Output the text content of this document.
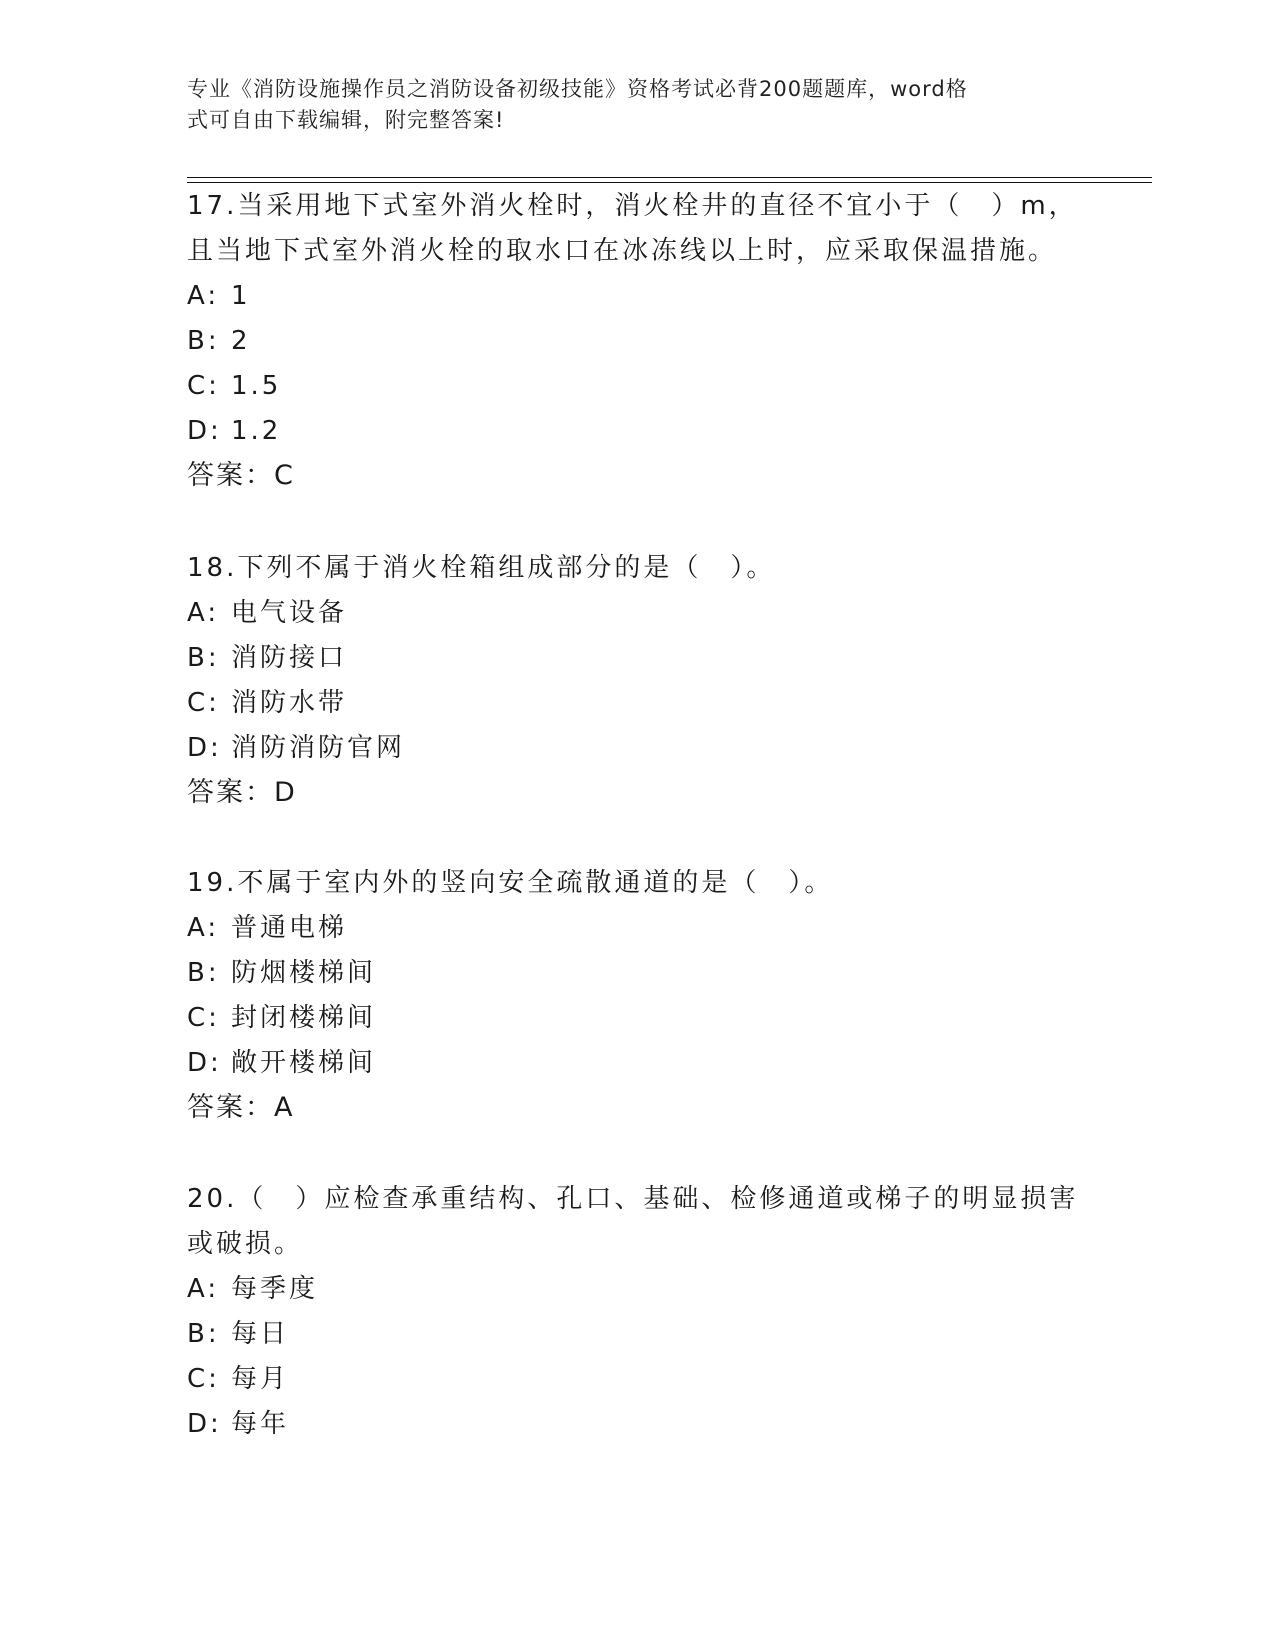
专业《消防设施操作员之消防设备初级技能》资格考试必背200题题库，word格
式可自由下载编辑，附完整答案!
17.当采用地下式室外消火栓时，消火栓井的直径不宜小于（　）m，且当地下式室外消火栓的取水口在冰冻线以上时，应采取保温措施。
A: 1
B: 2
C: 1.5
D: 1.2
答案：C
18.下列不属于消火栓箱组成部分的是（　）。
A: 电气设备
B: 消防接口
C: 消防水带
D: 消防消防官网
答案：D
19.不属于室内外的竖向安全疏散通道的是（　）。
A: 普通电梯
B: 防烟楼梯间
C: 封闭楼梯间
D: 敞开楼梯间
答案：A
20.（　）应检查承重结构、孔口、基础、检修通道或梯子的明显损害或破损。
A: 每季度
B: 每日
C: 每月
D: 每年
